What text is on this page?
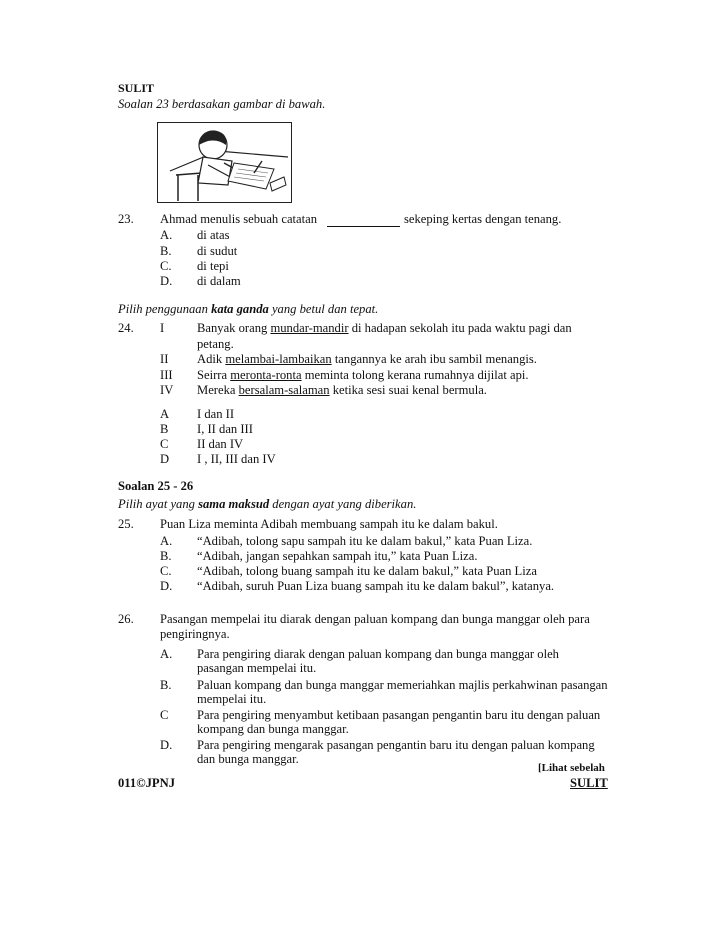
SULIT
Soalan 23 berdasakan gambar di bawah.
23. Ahmad menulis sebuah catatan	sekeping kertas dengan tenang.
A. di atas
B. di sudut
C. di tepi
D. di dalam
Pilih penggunaan kata ganda yang betul dan tepat.
24. I	Banyak orang mundar-mandir di hadapan sekolah itu pada waktu pagi dan
petang.
II Adik melambai-lambaikan tangannya ke arah ibu sambil menangis.
III Seirra meronta-ronta meminta tolong kerana rumahnya dijilat api.
IV Mereka bersalam-salaman ketika sesi suai kenal bermula.
A I dan II
B I, II dan III
C II dan IV
D I , II, III dan IV
Soalan 25 - 26
Pilih ayat yang sama maksud dengan ayat yang diberikan.
25. Puan Liza meminta Adibah membuang sampah itu ke dalam bakul.
A. “Adibah, tolong sapu sampah itu ke dalam bakul,” kata Puan Liza.
B. “Adibah, jangan sepahkan sampah itu,” kata Puan Liza.
C. “Adibah, tolong buang sampah itu ke dalam bakul,” kata Puan Liza
D. “Adibah, suruh Puan Liza buang sampah itu ke dalam bakul”, katanya.
26. Pasangan mempelai itu diarak dengan paluan kompang dan bunga manggar oleh para
pengiringnya.
A. Para pengiring diarak dengan paluan kompang dan bunga manggar oleh
pasangan mempelai itu.
B. Paluan kompang dan bunga manggar memeriahkan majlis perkahwinan pasangan
mempelai itu.
C Para pengiring menyambut ketibaan pasangan pengantin baru itu dengan paluan
kompang dan bunga manggar.
D. Para pengiring mengarak pasangan pengantin baru itu dengan paluan kompang
dan bunga manggar.
[Lihat sebelah
011©JPNJ	SULIT
